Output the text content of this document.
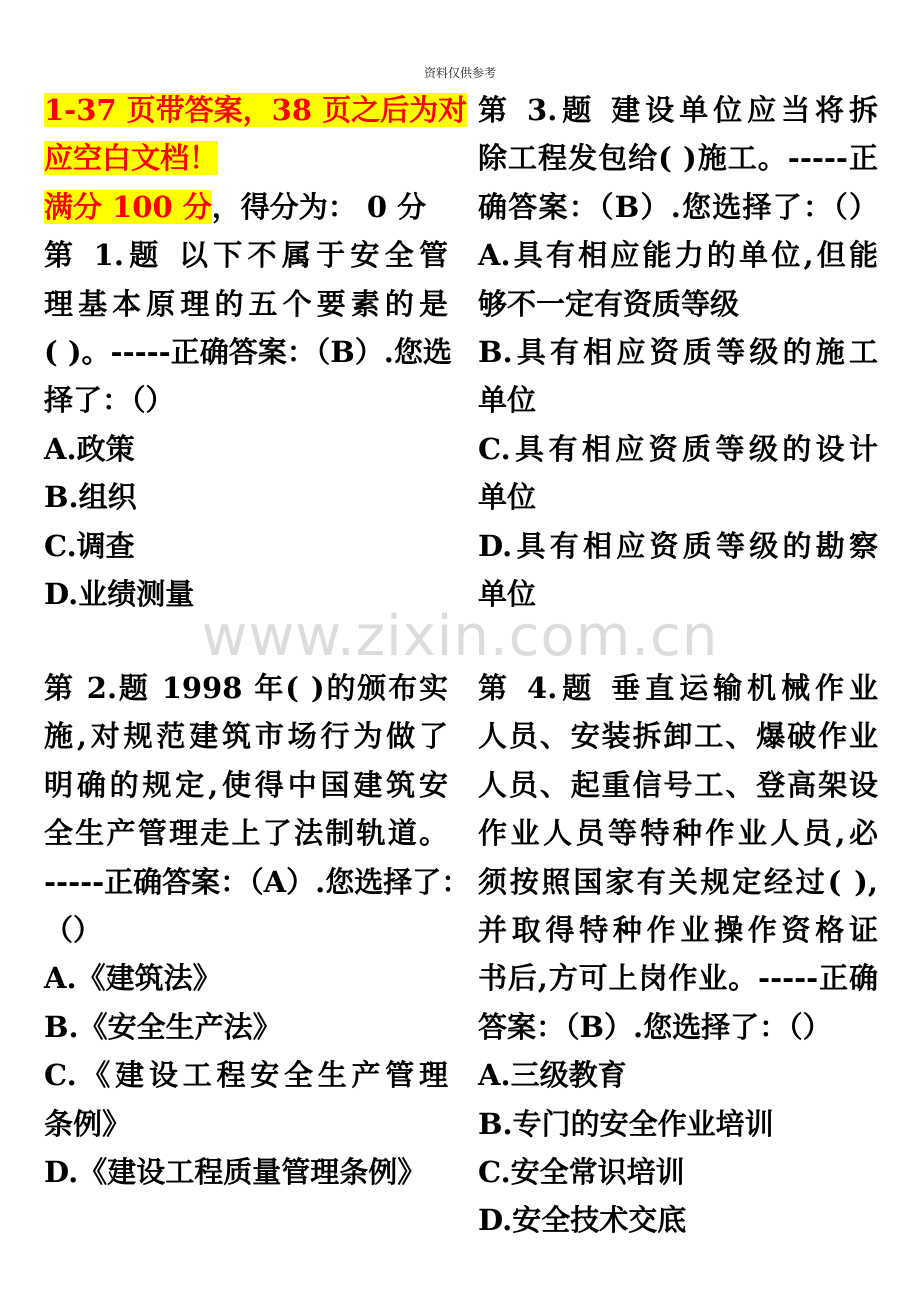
资料仅供参考
www.zixin.com.cn
1-37 页带答案，38 页之后为对
应空白文档！
满分 100 分，得分为： 0 分
第 1.题 以下不属于安全管
理基本原理的五个要素的是
( )。-----正确答案：（B）.您选
择了：（）
A.政策
B.组织
C.调查
D.业绩测量
第 3.题 建设单位应当将拆
除工程发包给( )施工。-----正
确答案：（B）.您选择了：（）
A.具有相应能力的单位,但能
够不一定有资质等级
B.具有相应资质等级的施工
单位
C.具有相应资质等级的设计
单位
D.具有相应资质等级的勘察
单位
第 2.题 1998 年( )的颁布实
施,对规范建筑市场行为做了
明确的规定,使得中国建筑安
全生产管理走上了法制轨道。
-----正确答案：（A）.您选择了：
（）
A.《建筑法》
B.《安全生产法》
C.《建设工程安全生产管理
条例》
D.《建设工程质量管理条例》
第 4.题 垂直运输机械作业
人员、安装拆卸工、爆破作业
人员、起重信号工、登高架设
作业人员等特种作业人员,必
须按照国家有关规定经过( ),
并取得特种作业操作资格证
书后,方可上岗作业。-----正确
答案：（B）.您选择了：（）
A.三级教育
B.专门的安全作业培训
C.安全常识培训
D.安全技术交底
